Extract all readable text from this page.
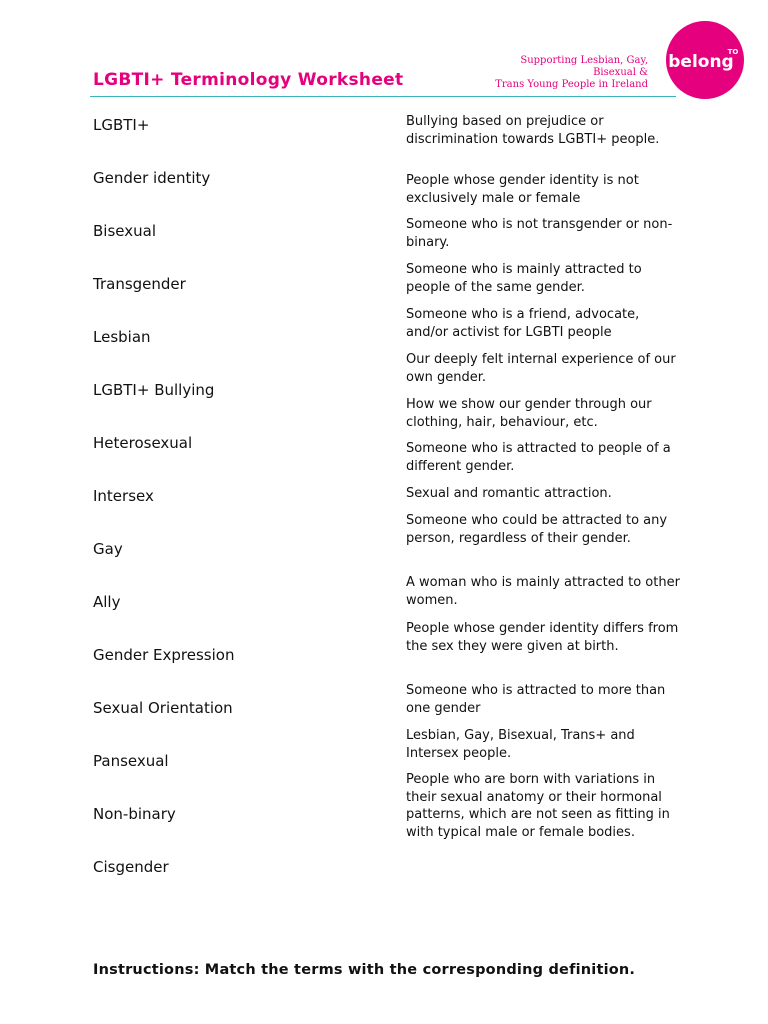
LGBTI+ Terminology Worksheet
Supporting Lesbian, Gay, Bisexual &
Trans Young People in Ireland
belong
TO
LGBTI+
Gender identity
Bisexual
Transgender
Lesbian
LGBTI+ Bullying
Heterosexual
Intersex
Gay
Ally
Gender Expression
Sexual Orientation
Pansexual
Non-binary
Cisgender
Bullying based on prejudice or discrimination towards LGBTI+ people.
People whose gender identity is not exclusively male or female
Someone who is not transgender or non-binary.
Someone who is mainly attracted to people of the same gender.
Someone who is a friend, advocate, and/or activist for LGBTI people
Our deeply felt internal experience of our own gender.
How we show our gender through our clothing, hair, behaviour, etc.
Someone who is attracted to people of a different gender.
Sexual and romantic attraction.
Someone who could be attracted to any person, regardless of their gender.
A woman who is mainly attracted to other women.
People whose gender identity differs from the sex they were given at birth.
Someone who is attracted to more than one gender
Lesbian, Gay, Bisexual, Trans+ and Intersex people.
People who are born with variations in their sexual anatomy or their hormonal patterns, which are not seen as fitting in with typical male or female bodies.
Instructions: Match the terms with the corresponding definition.
